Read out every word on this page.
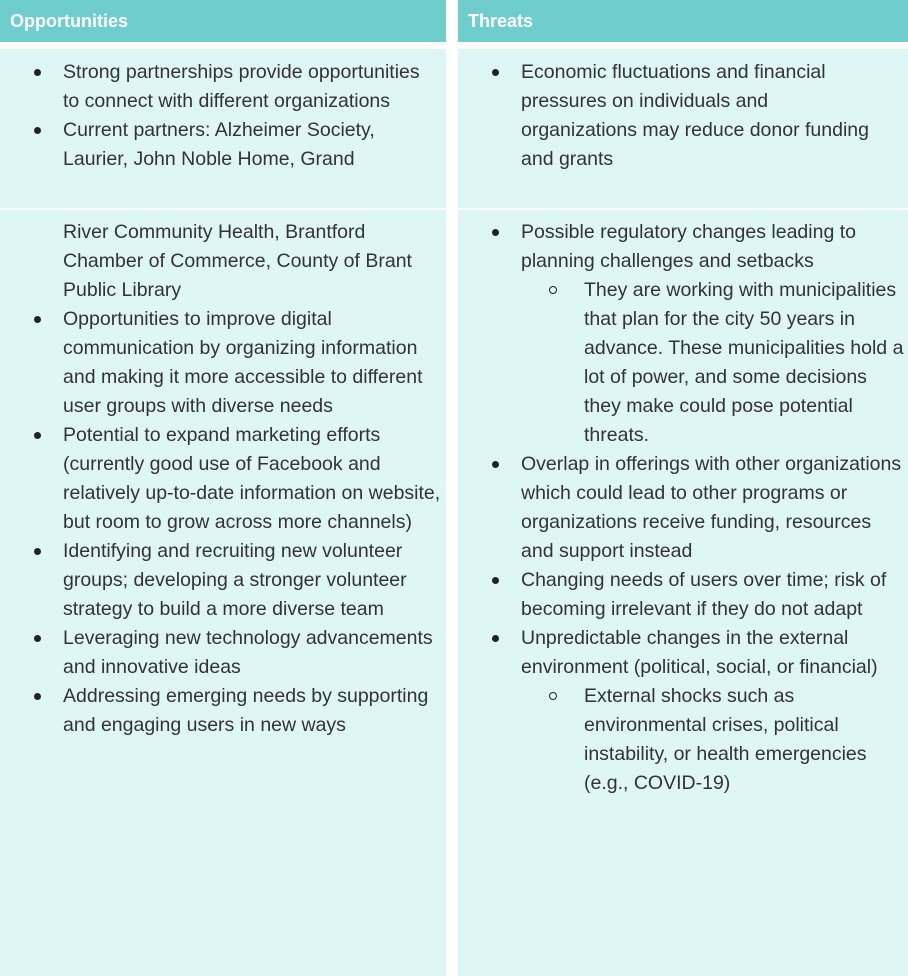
Opportunities
Strong partnerships provide opportunities to connect with different organizations
Current partners: Alzheimer Society, Laurier, John Noble Home, Grand
River Community Health, Brantford Chamber of Commerce, County of Brant Public Library
Opportunities to improve digital communication by organizing information and making it more accessible to different user groups with diverse needs
Potential to expand marketing efforts (currently good use of Facebook and relatively up-to-date information on website, but room to grow across more channels)
Identifying and recruiting new volunteer groups; developing a stronger volunteer strategy to build a more diverse team
Leveraging new technology advancements and innovative ideas
Addressing emerging needs by supporting and engaging users in new ways
Threats
Economic fluctuations and financial pressures on individuals and organizations may reduce donor funding and grants
Possible regulatory changes leading to planning challenges and setbacks
They are working with municipalities that plan for the city 50 years in advance. These municipalities hold a lot of power, and some decisions they make could pose potential threats.
Overlap in offerings with other organizations which could lead to other programs or organizations receive funding, resources and support instead
Changing needs of users over time; risk of becoming irrelevant if they do not adapt
Unpredictable changes in the external environment (political, social, or financial)
External shocks such as environmental crises, political instability, or health emergencies (e.g., COVID-19)
